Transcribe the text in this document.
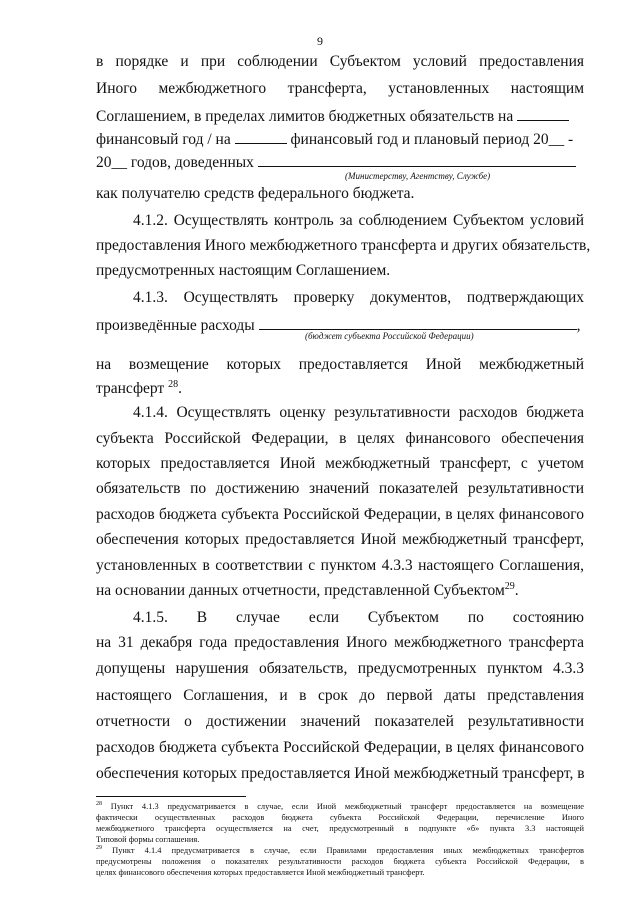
9
в порядке и при соблюдении Субъектом условий предоставления
Иного межбюджетного трансферта, установленных настоящим
Соглашением, в пределах лимитов бюджетных обязательств на
финансовый год / на	финансовый год и плановый период 20__ -
20__ годов, доведенных
(Министерству, Агентству, Службе)
как получателю средств федерального бюджета.
4.1.2. Осуществлять контроль за соблюдением Субъектом условий
предоставления Иного межбюджетного трансферта и других обязательств,
предусмотренных настоящим Соглашением.
4.1.3. Осуществлять проверку документов, подтверждающих
произведённые расходы	,
(бюджет субъекта Российской Федерации)
на возмещение которых предоставляется Иной межбюджетный
трансферт $^{28}$.
4.1.4. Осуществлять оценку результативности расходов бюджета
субъекта Российской Федерации, в целях финансового обеспечения
которых предоставляется Иной межбюджетный трансферт, с учетом
обязательств по достижению значений показателей результативности
расходов бюджета субъекта Российской Федерации, в целях финансового
обеспечения которых предоставляется Иной межбюджетный трансферт,
установленных в соответствии с пунктом 4.3.3 настоящего Соглашения,
на основании данных отчетности, представленной Субъектом$^{29}$.
4.1.5. В случае если Субъектом по состоянию
на 31 декабря года предоставления Иного межбюджетного трансферта
допущены нарушения обязательств, предусмотренных пунктом 4.3.3
настоящего Соглашения, и в срок до первой даты представления
отчетности о достижении значений показателей результативности
расходов бюджета субъекта Российской Федерации, в целях финансового
обеспечения которых предоставляется Иной межбюджетный трансферт, в
$^{28}$ Пункт 4.1.3 предусматривается в случае, если Иной межбюджетный трансферт предоставляется на возмещение
фактически осуществленных расходов бюджета субъекта Российской Федерации, перечисление Иного
межбюджетного трансферта осуществляется на счет, предусмотренный в подпункте «б» пункта 3.3 настоящей
Типовой формы соглашения.
$^{29}$ Пункт 4.1.4 предусматривается в случае, если Правилами предоставления иных межбюджетных трансфертов
предусмотрены положения о показателях результативности расходов бюджета субъекта Российской Федерации, в
целях финансового обеспечения которых предоставляется Иной межбюджетный трансферт.
